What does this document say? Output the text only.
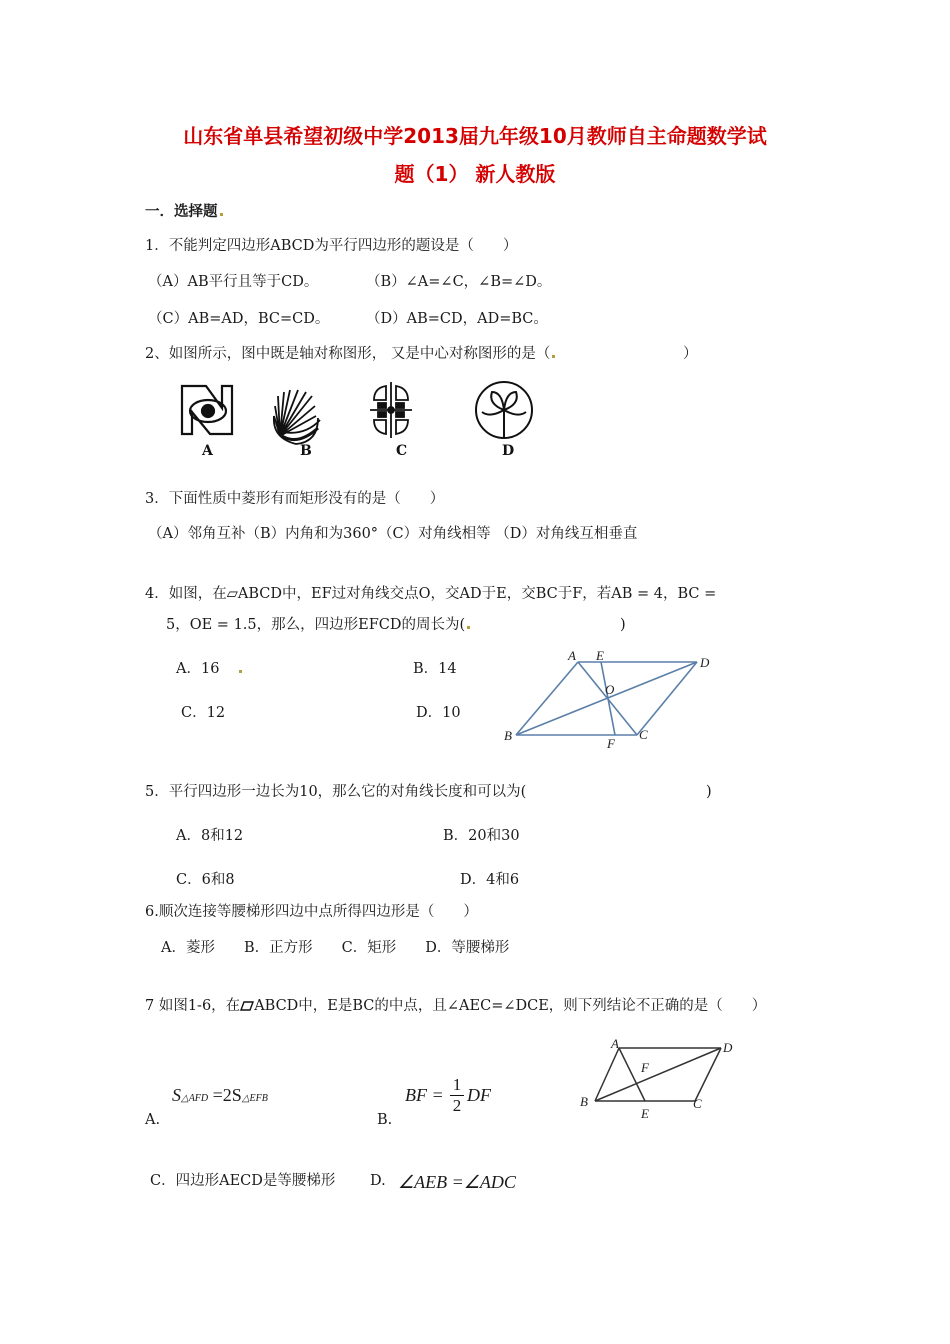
山东省单县希望初级中学2013届九年级10月教师自主命题数学试
题（1） 新人教版
一．选择题
1．不能判定四边形ABCD为平行四边形的题设是（　　）
（A）AB平行且等于CD。	（B）∠A=∠C，∠B=∠D。
（C）AB=AD，BC=CD。	（D）AB=CD，AD=BC。
2、如图所示，图中既是轴对称图形， 又是中心对称图形的是（	）
A	B	C	D
3．下面性质中菱形有而矩形没有的是（　　）
（A）邻角互补（B）内角和为360°（C）对角线相等 （D）对角线互相垂直
4．如图，在▱ABCD中，EF过对角线交点O，交AD于E，交BC于F，若AB = 4，BC =
5，OE = 1.5，那么，四边形EFCD的周长为(	)
A．16	B．14
C．12	D．10
A E	D
O
B
F
C
5．平行四边形一边长为10，那么它的对角线长度和可以为(	)
A．8和12	B．20和30
C．6和8	D．4和6
6.顺次连接等腰梯形四边中点所得四边形是（　　）
A．菱形　　B．正方形　　C．矩形　　D．等腰梯形
7 如图1-6，在 ABCD中，E是BC的中点，且∠AEC=∠DCE，则下列结论不正确的是（　　）
A	D
F
B
E
C
S△AFD =2S△EFB
A.
BF = $\frac{1}{2}$ DF
B.
C．四边形AECD是等腰梯形 D. ∠AEB =∠ADC
